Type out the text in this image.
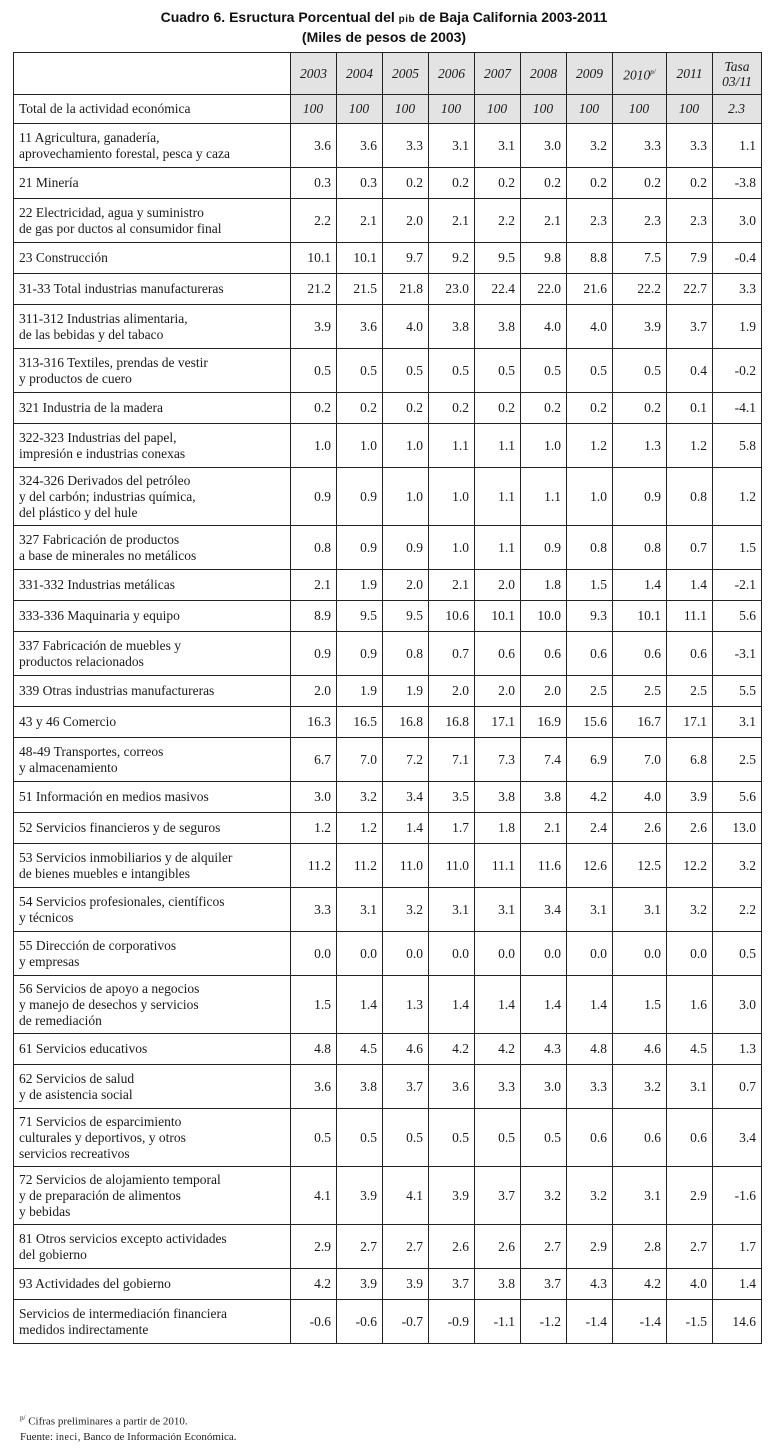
Cuadro 6. Esructura Porcentual del pib de Baja California 2003-2011
(Miles de pesos de 2003)
	2003	2004	2005	2006	2007	2008	2009	$2010^{p/}$	2011	Tasa
03/11
Total de la actividad económica	100	100	100	100	100	100	100	100	100	2.3

11 Agricultura, ganadería,
aprovechamiento forestal, pesca y caza	3.6	3.6	3.3	3.1	3.1	3.0	3.2	3.3	3.3	1.1

21 Minería	0.3	0.3	0.2	0.2	0.2	0.2	0.2	0.2	0.2	-3.8

22 Electricidad, agua y suministro
de gas por ductos al consumidor final	2.2	2.1	2.0	2.1	2.2	2.1	2.3	2.3	2.3	3.0

23 Construcción	10.1	10.1	9.7	9.2	9.5	9.8	8.8	7.5	7.9	-0.4

31-33 Total industrias manufactureras	21.2	21.5	21.8	23.0	22.4	22.0	21.6	22.2	22.7	3.3

311-312 Industrias alimentaria,
de las bebidas y del tabaco	3.9	3.6	4.0	3.8	3.8	4.0	4.0	3.9	3.7	1.9

313-316 Textiles, prendas de vestir
y productos de cuero	0.5	0.5	0.5	0.5	0.5	0.5	0.5	0.5	0.4	-0.2

321 Industria de la madera	0.2	0.2	0.2	0.2	0.2	0.2	0.2	0.2	0.1	-4.1

322-323 Industrias del papel,
impresión e industrias conexas	1.0	1.0	1.0	1.1	1.1	1.0	1.2	1.3	1.2	5.8

324-326 Derivados del petróleo
y del carbón; industrias química,
del plástico y del hule	0.9	0.9	1.0	1.0	1.1	1.1	1.0	0.9	0.8	1.2

327 Fabricación de productos
a base de minerales no metálicos	0.8	0.9	0.9	1.0	1.1	0.9	0.8	0.8	0.7	1.5

331-332 Industrias metálicas	2.1	1.9	2.0	2.1	2.0	1.8	1.5	1.4	1.4	-2.1

333-336 Maquinaria y equipo	8.9	9.5	9.5	10.6	10.1	10.0	9.3	10.1	11.1	5.6

337 Fabricación de muebles y
productos relacionados	0.9	0.9	0.8	0.7	0.6	0.6	0.6	0.6	0.6	-3.1

339 Otras industrias manufactureras	2.0	1.9	1.9	2.0	2.0	2.0	2.5	2.5	2.5	5.5

43 y 46 Comercio	16.3	16.5	16.8	16.8	17.1	16.9	15.6	16.7	17.1	3.1

48-49 Transportes, correos
y almacenamiento	6.7	7.0	7.2	7.1	7.3	7.4	6.9	7.0	6.8	2.5

51 Información en medios masivos	3.0	3.2	3.4	3.5	3.8	3.8	4.2	4.0	3.9	5.6

52 Servicios financieros y de seguros	1.2	1.2	1.4	1.7	1.8	2.1	2.4	2.6	2.6	13.0

53 Servicios inmobiliarios y de alquiler
de bienes muebles e intangibles	11.2	11.2	11.0	11.0	11.1	11.6	12.6	12.5	12.2	3.2

54 Servicios profesionales, científicos
y técnicos	3.3	3.1	3.2	3.1	3.1	3.4	3.1	3.1	3.2	2.2

55 Dirección de corporativos
y empresas	0.0	0.0	0.0	0.0	0.0	0.0	0.0	0.0	0.0	0.5

56 Servicios de apoyo a negocios
y manejo de desechos y servicios
de remediación	1.5	1.4	1.3	1.4	1.4	1.4	1.4	1.5	1.6	3.0

61 Servicios educativos	4.8	4.5	4.6	4.2	4.2	4.3	4.8	4.6	4.5	1.3

62 Servicios de salud
y de asistencia social	3.6	3.8	3.7	3.6	3.3	3.0	3.3	3.2	3.1	0.7

71 Servicios de esparcimiento
culturales y deportivos, y otros
servicios recreativos	0.5	0.5	0.5	0.5	0.5	0.5	0.6	0.6	0.6	3.4

72 Servicios de alojamiento temporal
y de preparación de alimentos
y bebidas	4.1	3.9	4.1	3.9	3.7	3.2	3.2	3.1	2.9	-1.6

81 Otros servicios excepto actividades
del gobierno	2.9	2.7	2.7	2.6	2.6	2.7	2.9	2.8	2.7	1.7

93 Actividades del gobierno	4.2	3.9	3.9	3.7	3.8	3.7	4.3	4.2	4.0	1.4

Servicios de intermediación financiera
medidos indirectamente	-0.6	-0.6	-0.7	-0.9	-1.1	-1.2	-1.4	-1.4	-1.5	14.6
$^{p/}$ Cifras preliminares a partir de 2010.
Fuente: ineci, Banco de Información Económica.
